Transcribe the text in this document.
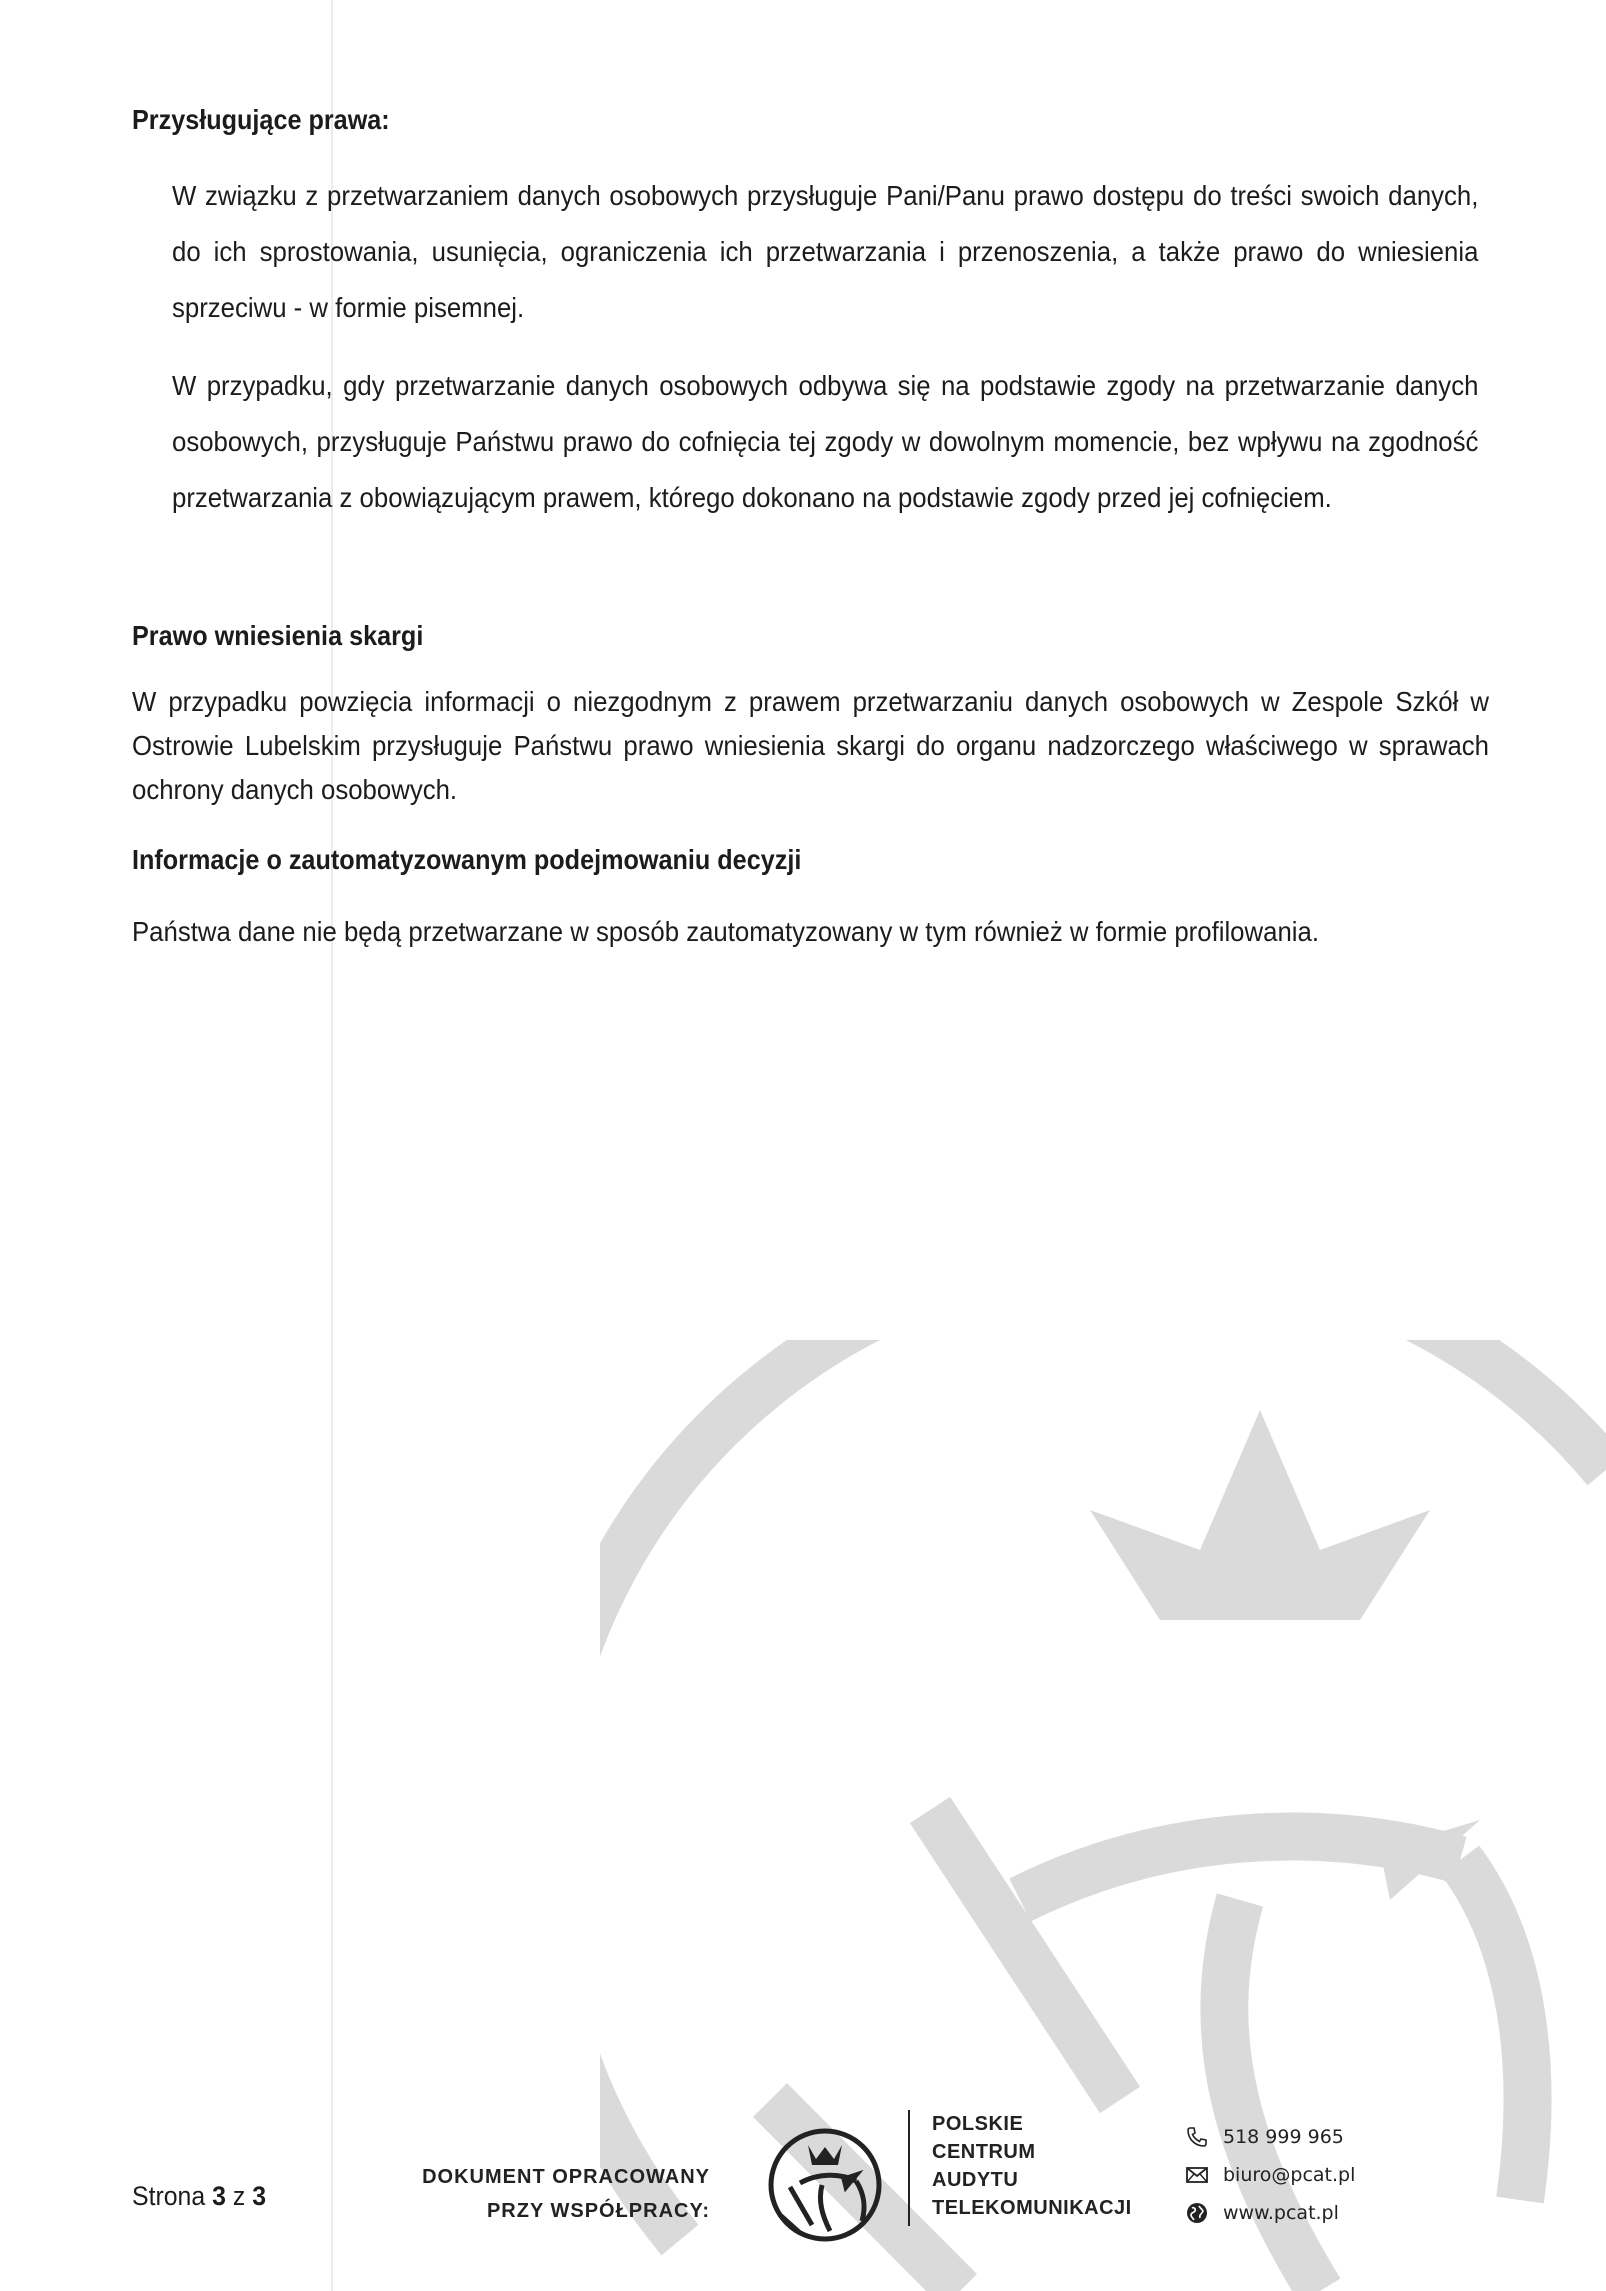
Przysługujące prawa:

W związku z przetwarzaniem danych osobowych przysługuje Pani/Panu prawo dostępu do treści swoich danych, do ich sprostowania, usunięcia, ograniczenia ich przetwarzania i przenoszenia, a także prawo do wniesienia sprzeciwu - w formie pisemnej.

W przypadku, gdy przetwarzanie danych osobowych odbywa się na podstawie zgody na przetwarzanie danych osobowych, przysługuje Państwu prawo do cofnięcia tej zgody w dowolnym momencie, bez wpływu na zgodność przetwarzania z obowiązującym prawem, którego dokonano na podstawie zgody przed jej cofnięciem.

Prawo wniesienia skargi

W przypadku powzięcia informacji o niezgodnym z prawem przetwarzaniu danych osobowych w Zespole Szkół w Ostrowie Lubelskim przysługuje Państwu prawo wniesienia skargi do organu nadzorczego właściwego w sprawach ochrony danych osobowych.

Informacje o zautomatyzowanym podejmowaniu decyzji

Państwa dane nie będą przetwarzane w sposób zautomatyzowany w tym również w formie profilowania.

Strona 3 z 3
DOKUMENT OPRACOWANY
PRZY WSPÓŁPRACY:
POLSKIE
CENTRUM
AUDYTU
TELEKOMUNIKACJI
518 999 965
biuro@pcat.pl
www.pcat.pl
